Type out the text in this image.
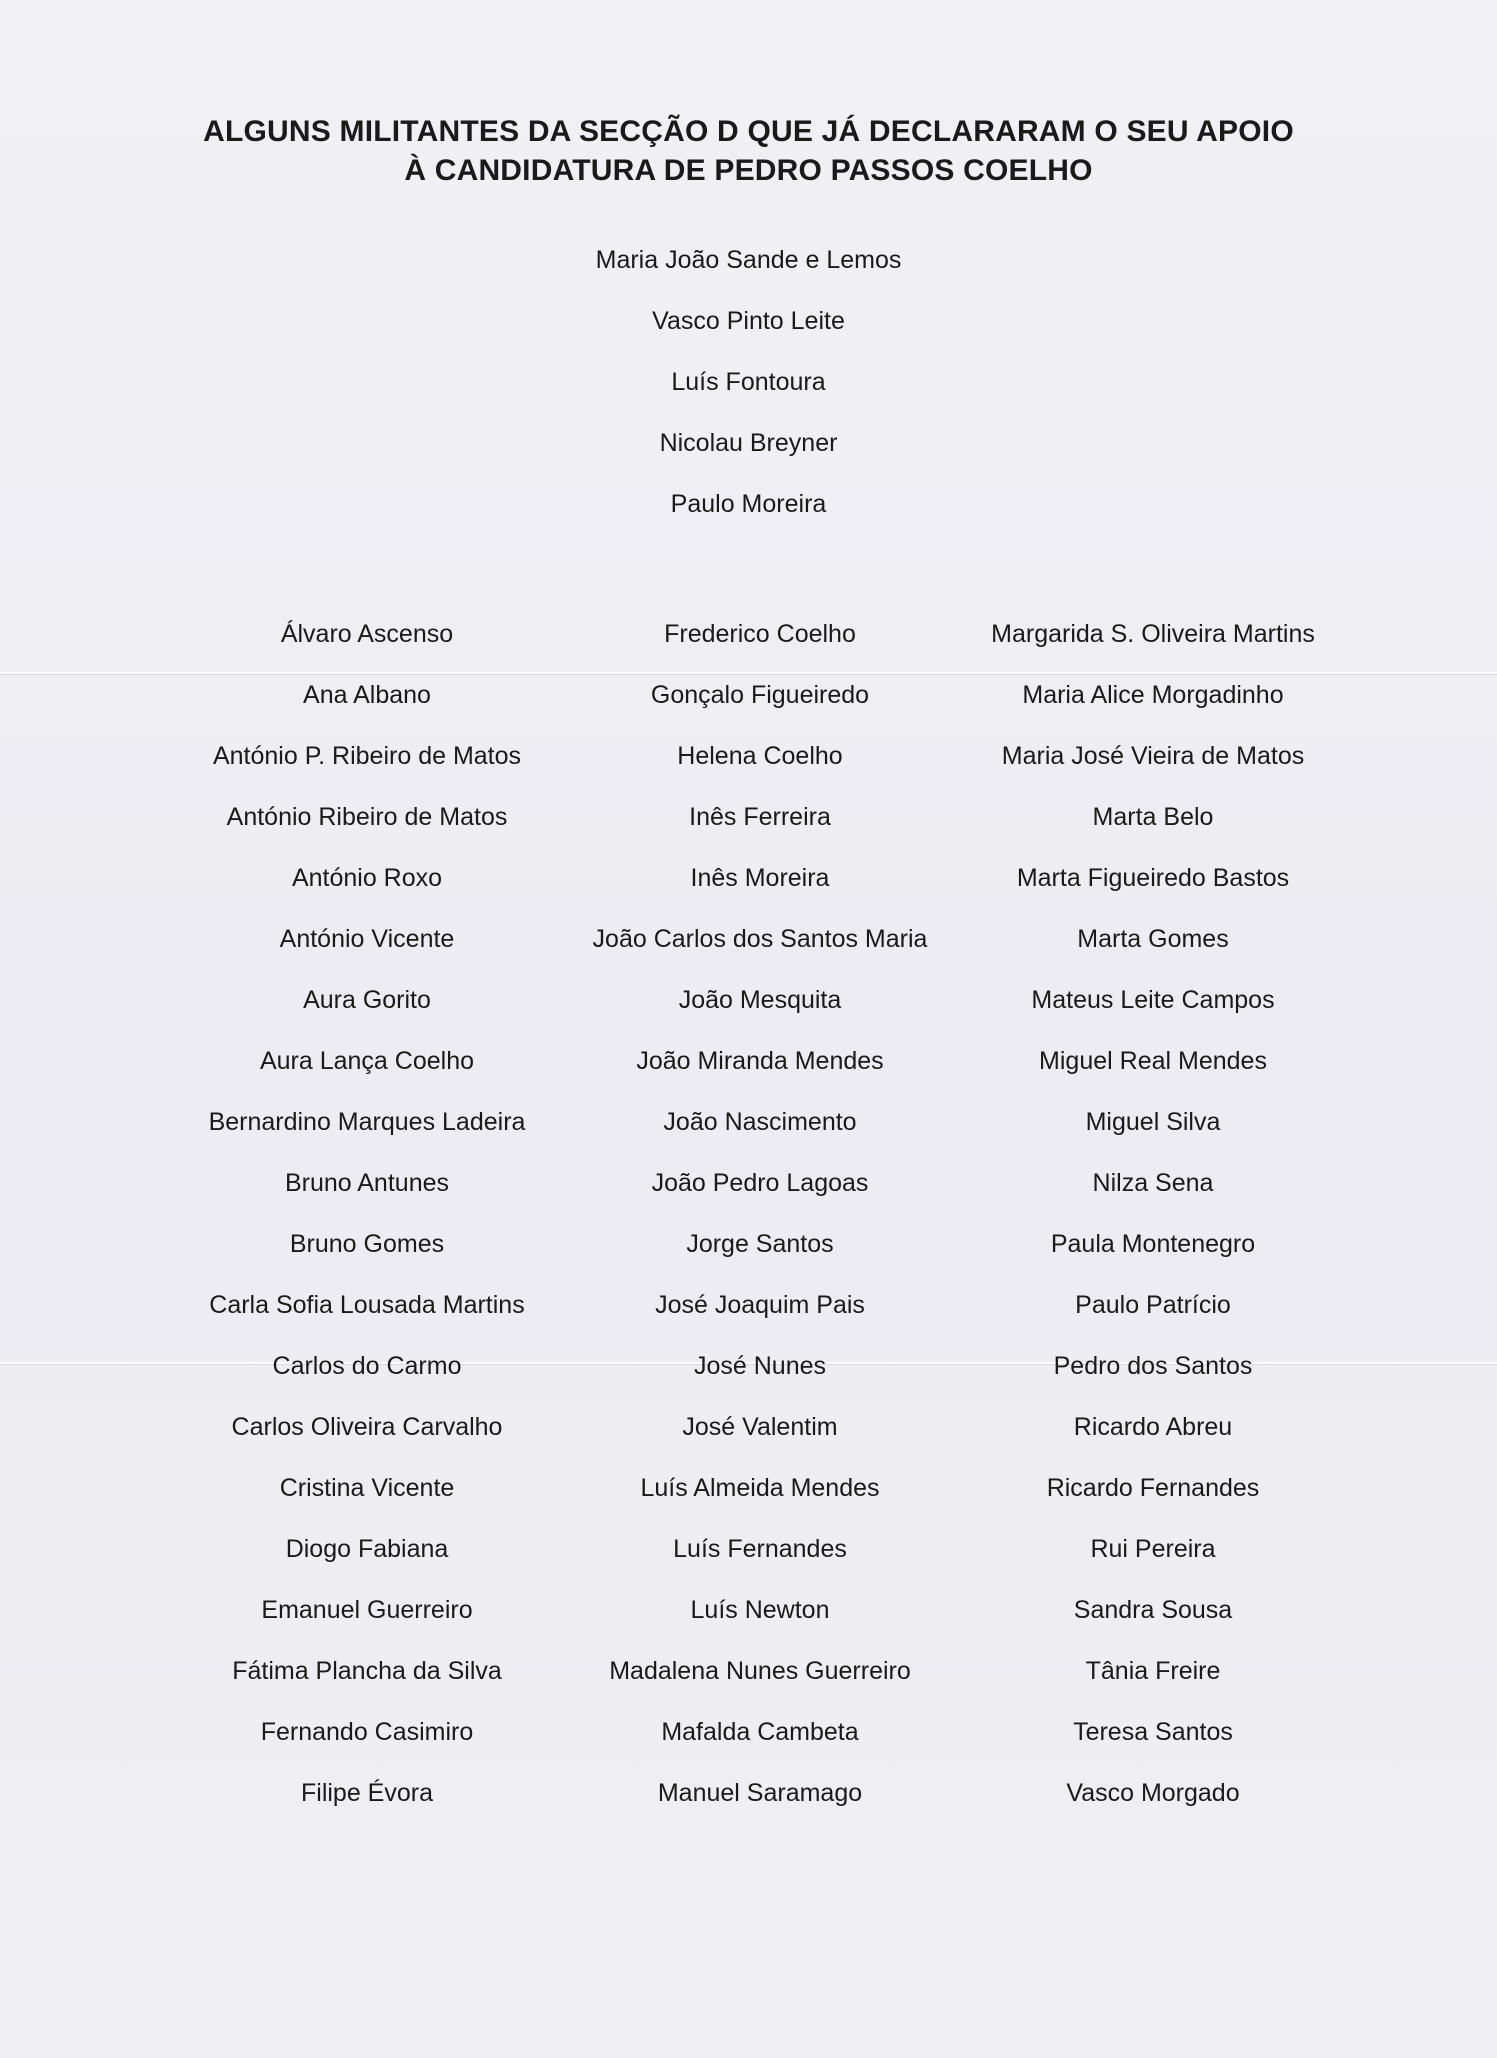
ALGUNS MILITANTES DA SECÇÃO D QUE JÁ DECLARARAM O SEU APOIO
À CANDIDATURA DE PEDRO PASSOS COELHO
Maria João Sande e Lemos
Vasco Pinto Leite
Luís Fontoura
Nicolau Breyner
Paulo Moreira
Álvaro Ascenso
Ana Albano
António P. Ribeiro de Matos
António Ribeiro de Matos
António Roxo
António Vicente
Aura Gorito
Aura Lança Coelho
Bernardino Marques Ladeira
Bruno Antunes
Bruno Gomes
Carla Sofia Lousada Martins
Carlos do Carmo
Carlos Oliveira Carvalho
Cristina Vicente
Diogo Fabiana
Emanuel Guerreiro
Fátima Plancha da Silva
Fernando Casimiro
Filipe Évora
Frederico Coelho
Gonçalo Figueiredo
Helena Coelho
Inês Ferreira
Inês Moreira
João Carlos dos Santos Maria
João Mesquita
João Miranda Mendes
João Nascimento
João Pedro Lagoas
Jorge Santos
José Joaquim Pais
José Nunes
José Valentim
Luís Almeida Mendes
Luís Fernandes
Luís Newton
Madalena Nunes Guerreiro
Mafalda Cambeta
Manuel Saramago
Margarida S. Oliveira Martins
Maria Alice Morgadinho
Maria José Vieira de Matos
Marta Belo
Marta Figueiredo Bastos
Marta Gomes
Mateus Leite Campos
Miguel Real Mendes
Miguel Silva
Nilza Sena
Paula Montenegro
Paulo Patrício
Pedro dos Santos
Ricardo Abreu
Ricardo Fernandes
Rui Pereira
Sandra Sousa
Tânia Freire
Teresa Santos
Vasco Morgado
